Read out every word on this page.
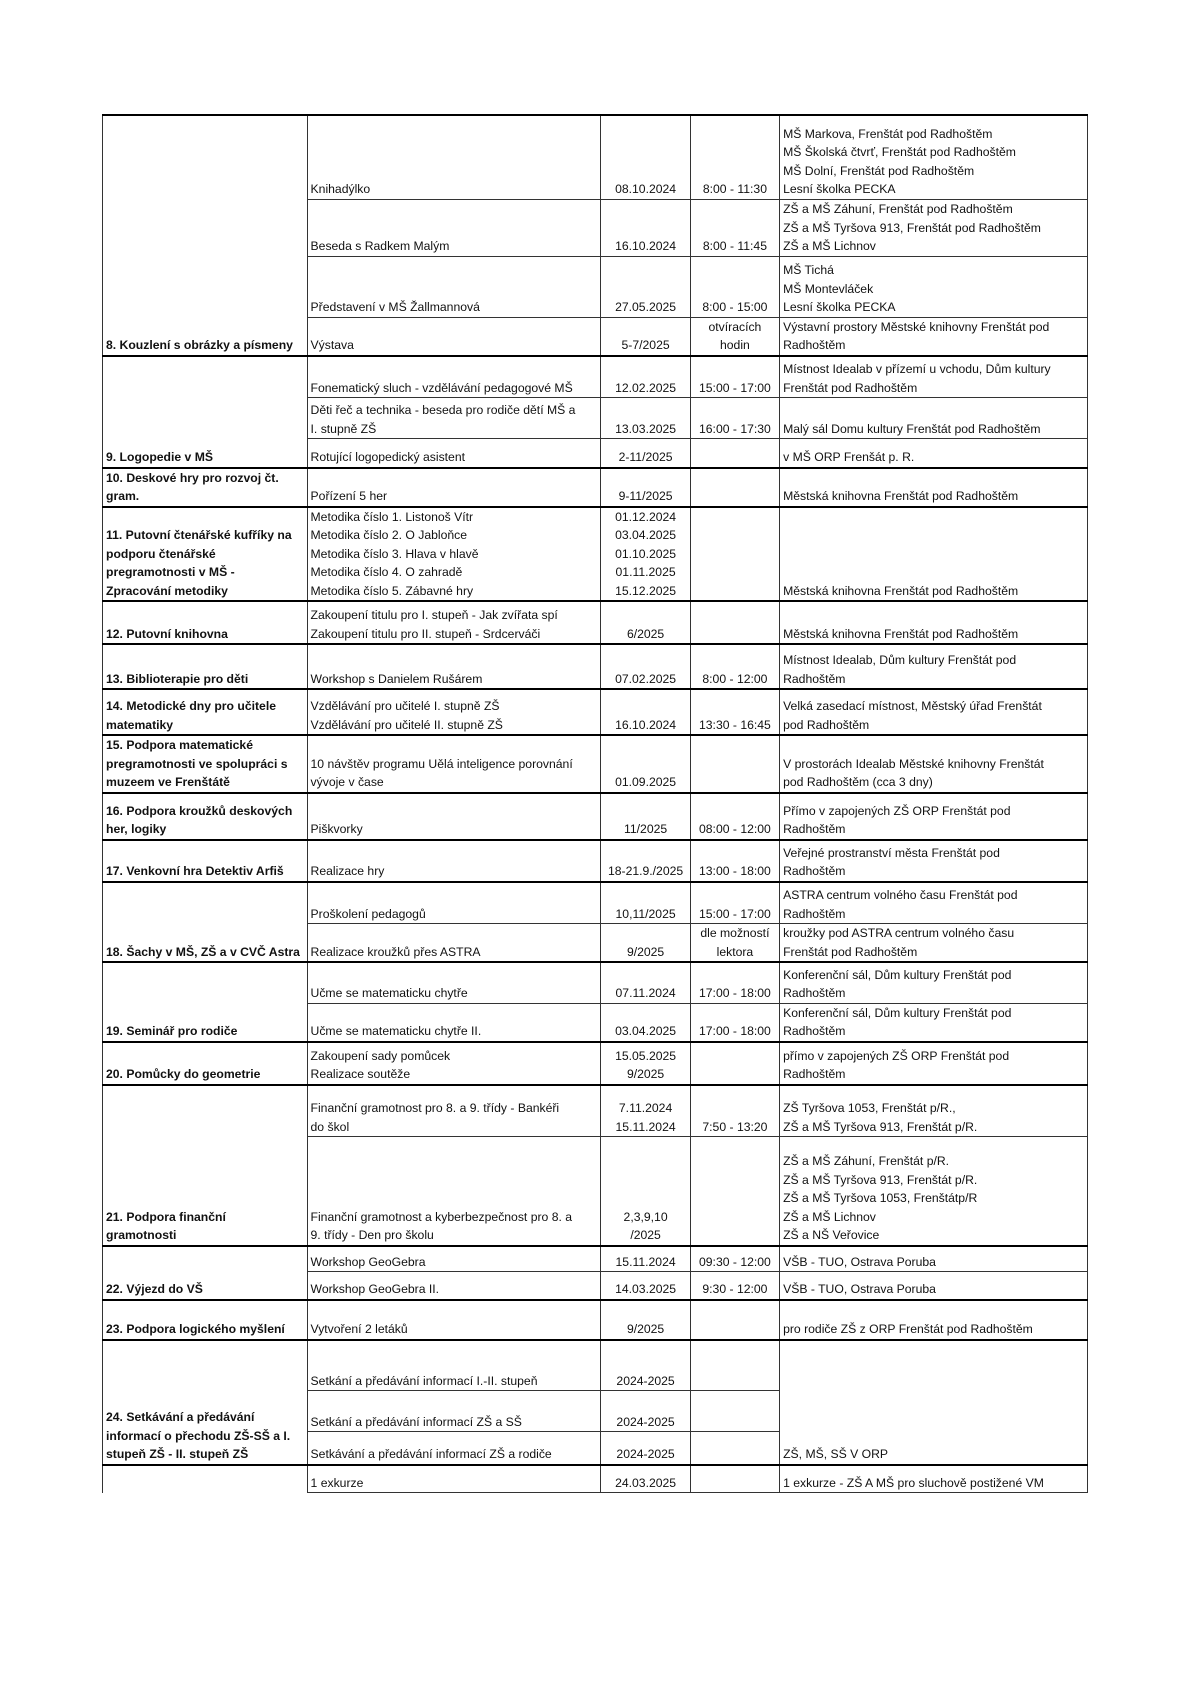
8. Kouzlení s obrázky a písmeny	Knihadýlko	08.10.2024	8:00 - 11:30	MŠ Markova, Frenštát pod Radhoštěm
MŠ Školská čtvrť, Frenštát pod Radhoštěm
MŠ Dolní, Frenštát pod Radhoštěm
Lesní školka PECKA
	Beseda s Radkem Malým	16.10.2024	8:00 - 11:45	ZŠ a MŠ Záhuní, Frenštát pod Radhoštěm
ZŠ a MŠ Tyršova 913, Frenštát pod Radhoštěm
ZŠ a MŠ Lichnov
	Představení v MŠ Žallmannová	27.05.2025	8:00 - 15:00	MŠ Tichá
MŠ Montevláček
Lesní školka PECKA
	Výstava	5-7/2025	otvíracích
hodin	Výstavní prostory Městské knihovny Frenštát pod
Radhoštěm
9. Logopedie v MŠ	Fonematický sluch - vzdělávání pedagogové MŠ	12.02.2025	15:00 - 17:00	Místnost Idealab v přízemí u vchodu, Dům kultury
Frenštát pod Radhoštěm
	Děti řeč a technika - beseda pro rodiče dětí MŠ a
I. stupně ZŠ	13.03.2025	16:00 - 17:30	Malý sál Domu kultury Frenštát pod Radhoštěm
	Rotující logopedický asistent	2-11/2025		v MŠ ORP Frenšát p. R.
10. Deskové hry pro rozvoj čt.
gram.	Pořízení 5 her	9-11/2025		Městská knihovna Frenštát pod Radhoštěm
11. Putovní čtenářské kufříky na
podporu čtenářské
pregramotnosti v MŠ -
Zpracování metodiky	Metodika číslo 1. Listonoš Vítr
Metodika číslo 2. O Jabloňce
Metodika číslo 3. Hlava v hlavě
Metodika číslo 4. O zahradě
Metodika číslo 5. Zábavné hry	01.12.2024
03.04.2025
01.10.2025
01.11.2025
15.12.2025		Městská knihovna Frenštát pod Radhoštěm
12. Putovní knihovna	Zakoupení titulu pro I. stupeň - Jak zvířata spí
Zakoupení titulu pro II. stupeň - Srdcerváči	6/2025		Městská knihovna Frenštát pod Radhoštěm
13. Biblioterapie pro děti	Workshop s Danielem Rušárem	07.02.2025	8:00 - 12:00	Místnost Idealab, Dům kultury Frenštát pod
Radhoštěm
14. Metodické dny pro učitele
matematiky	Vzdělávání pro učitelé I. stupně ZŠ
Vzdělávání pro učitelé II. stupně ZŠ	16.10.2024	13:30 - 16:45	Velká zasedací místnost, Městský úřad Frenštát
pod Radhoštěm
15. Podpora matematické
pregramotnosti ve spolupráci s
muzeem ve Frenštátě	10 návštěv programu Uělá inteligence porovnání
vývoje v čase	01.09.2025		V prostorách Idealab Městské knihovny Frenštát
pod Radhoštěm (cca 3 dny)
16. Podpora kroužků deskových
her, logiky	Piškvorky	11/2025	08:00 - 12:00	Přímo v zapojených ZŠ ORP Frenštát pod
Radhoštěm
17. Venkovní hra Detektiv Arfiš	Realizace hry	18-21.9./2025	13:00 - 18:00	Veřejné prostranství města Frenštát pod
Radhoštěm
18. Šachy v MŠ, ZŠ a v CVČ Astra	Proškolení pedagogů	10,11/2025	15:00 - 17:00	ASTRA centrum volného času Frenštát pod
Radhoštěm
	Realizace kroužků přes ASTRA	9/2025	dle možností
lektora	kroužky pod ASTRA centrum volného času
Frenštát pod Radhoštěm
19. Seminář pro rodiče	Učme se matematicku chytře	07.11.2024	17:00 - 18:00	Konferenční sál, Dům kultury Frenštát pod
Radhoštěm
	Učme se matematicku chytře II.	03.04.2025	17:00 - 18:00	Konferenční sál, Dům kultury Frenštát pod
Radhoštěm
20. Pomůcky do geometrie	Zakoupení sady pomůcek
Realizace soutěže	15.05.2025
9/2025		přímo v zapojených ZŠ ORP Frenštát pod
Radhoštěm
21. Podpora finanční
gramotnosti	Finanční gramotnost pro 8. a 9. třídy - Bankéři
do škol	7.11.2024
15.11.2024	7:50 - 13:20	ZŠ Tyršova 1053, Frenštát p/R.,
ZŠ a MŠ Tyršova 913, Frenštát p/R.
	Finanční gramotnost a kyberbezpečnost pro 8. a
9. třídy - Den pro školu	2,3,9,10
/2025		ZŠ a MŠ Záhuní, Frenštát p/R.
ZŠ a MŠ Tyršova 913, Frenštát p/R.
ZŠ a MŠ Tyršova 1053, Frenštátp/R
ZŠ a MŠ Lichnov
ZŠ a NŠ Veřovice
22. Výjezd do VŠ	Workshop GeoGebra	15.11.2024	09:30 - 12:00	VŠB - TUO, Ostrava Poruba
	Workshop GeoGebra II.	14.03.2025	9:30 - 12:00	VŠB - TUO, Ostrava Poruba
23. Podpora logického myšlení	Vytvoření 2 letáků	9/2025		pro rodiče ZŠ z ORP Frenštát pod Radhoštěm
24. Setkávání a předávání
informací o přechodu ZŠ-SŠ a I.
stupeň ZŠ - II. stupeň ZŠ	Setkání a předávání informací I.-II. stupeň	2024-2025		ZŠ, MŠ, SŠ V ORP
	Setkání a předávání informací ZŠ a SŠ	2024-2025		
	Setkávání a předávání informací ZŠ a rodiče	2024-2025		
	1 exkurze	24.03.2025		1 exkurze - ZŠ A MŠ pro sluchově postižené VM
